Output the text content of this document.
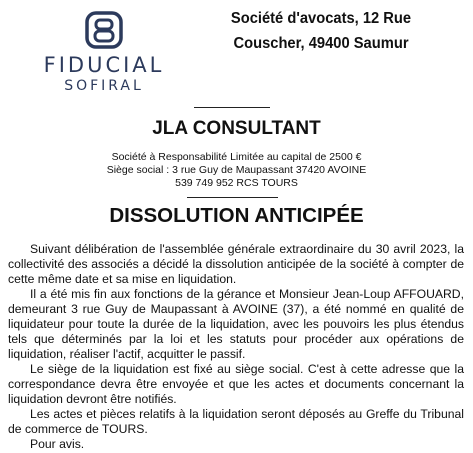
FIDUCIAL
SOFIRAL
Société d'avocats, 12 Rue
Couscher, 49400 Saumur
JLA CONSULTANT
Société à Responsabilité Limitée au capital de 2500 €
Siège social : 3 rue Guy de Maupassant 37420 AVOINE
539 749 952 RCS TOURS
DISSOLUTION ANTICIPÉE

Suivant délibération de l'assemblée générale extraordinaire du 30 avril 2023, la collectivité des associés a décidé la dissolution anticipée de la société à compter de cette même date et sa mise en liquidation.

Il a été mis fin aux fonctions de la gérance et Monsieur Jean-Loup AFFOUARD, demeurant 3 rue Guy de Maupassant à AVOINE (37), a été nommé en qualité de liquidateur pour toute la durée de la liquidation, avec les pouvoirs les plus étendus tels que déterminés par la loi et les statuts pour procéder aux opérations de liquidation, réaliser l'actif, acquitter le passif.

Le siège de la liquidation est fixé au siège social. C'est à cette adresse que la correspondance devra être envoyée et que les actes et documents concernant la liquidation devront être notifiés.

Les actes et pièces relatifs à la liquidation seront déposés au Greffe du Tribunal de commerce de TOURS.

Pour avis.
